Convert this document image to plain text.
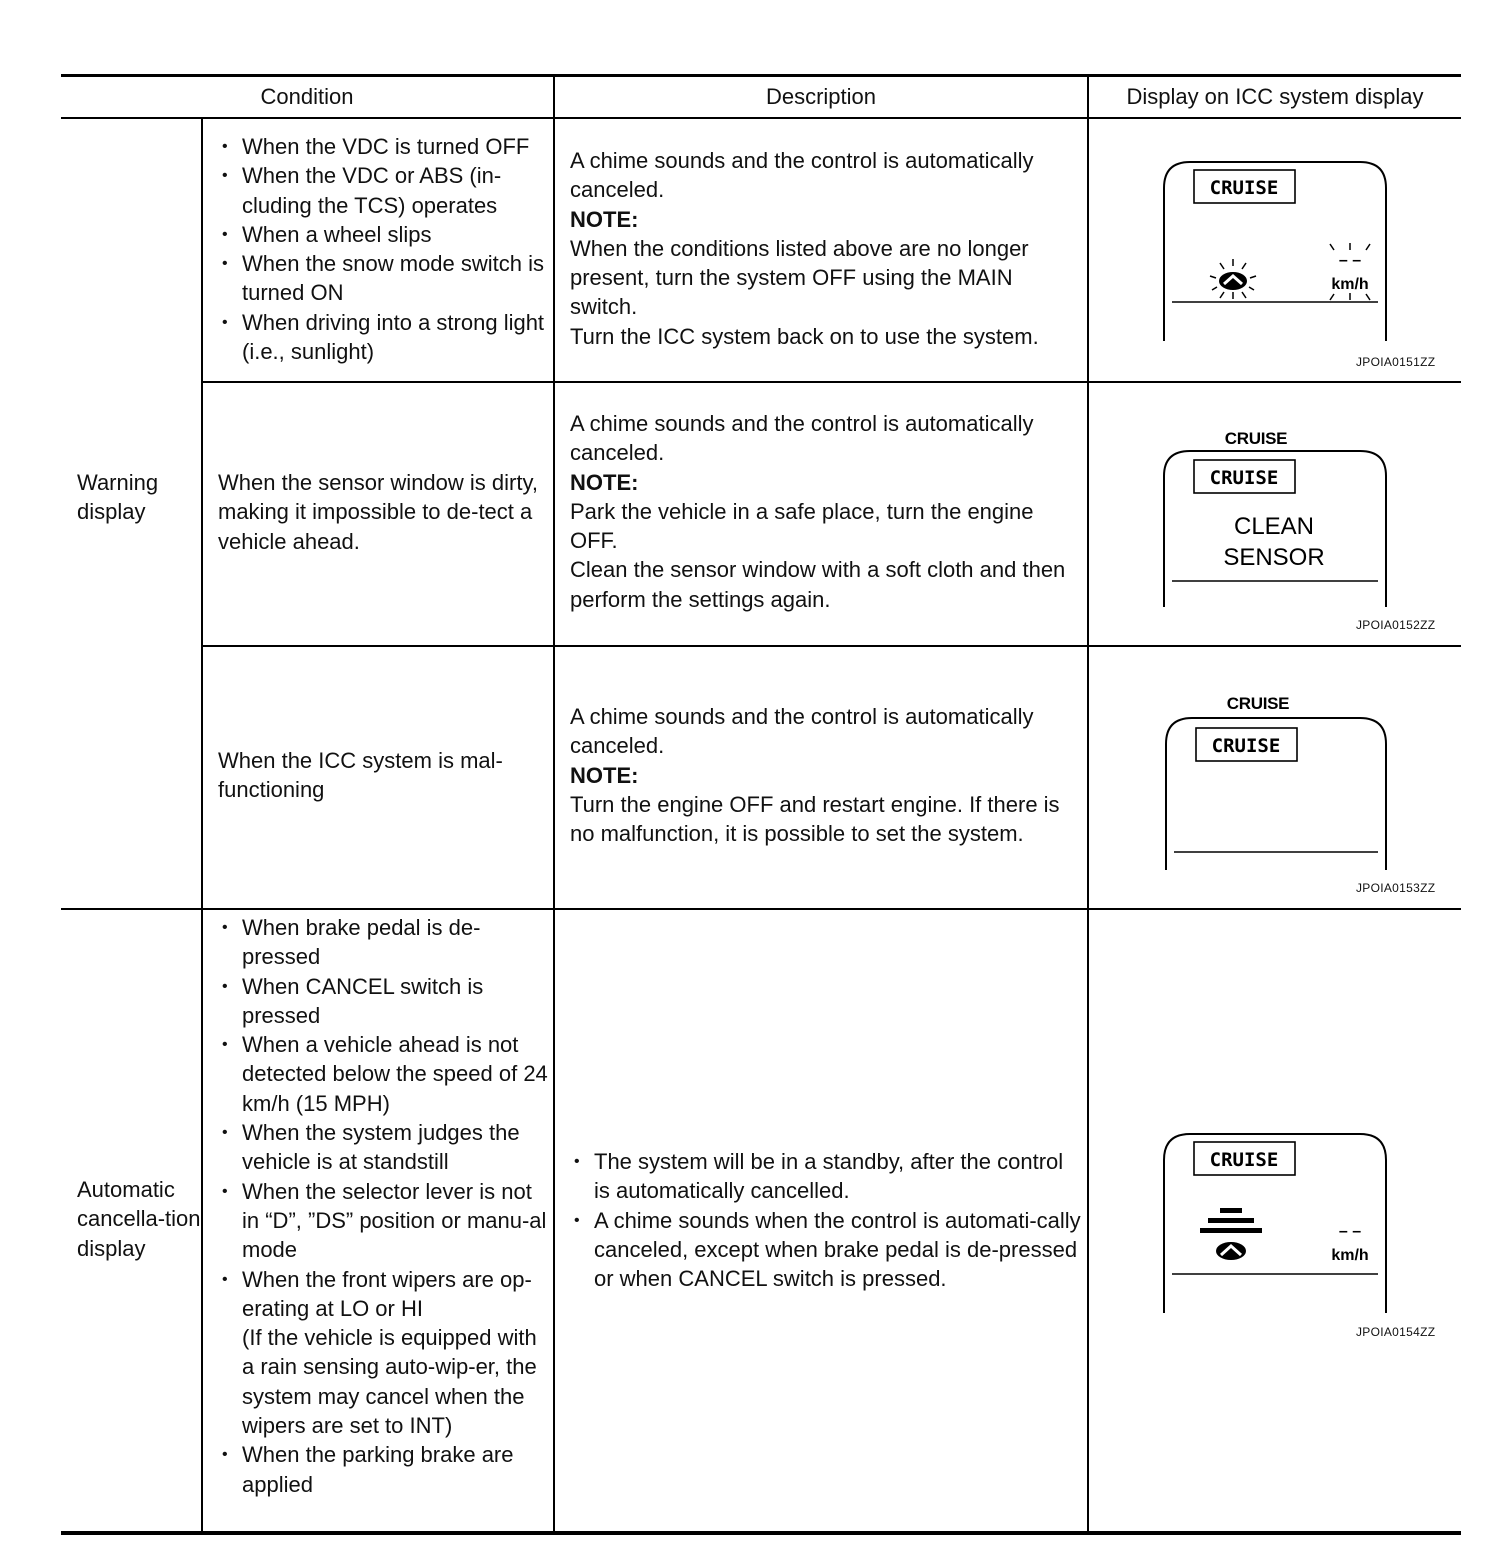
Condition	Description	Display on ICC system display
Warning display
Automatic cancella-tion display
• When the VDC is turned OFF
• When the VDC or ABS (in-cluding the TCS) operates
• When a wheel slips
• When the snow mode switch is turned ON
• When driving into a strong light (i.e., sunlight)

A chime sounds and the control is automatically canceled.

NOTE:

When the conditions listed above are no longer present, turn the system OFF using the MAIN switch.

Turn the ICC system back on to use the system.

CRUISE
– –
km/h
JPOIA0151ZZ
When the sensor window is dirty, making it impossible to de-tect a vehicle ahead.

A chime sounds and the control is automatically canceled.

NOTE:

Park the vehicle in a safe place, turn the engine OFF.

Clean the sensor window with a soft cloth and then perform the settings again.

CRUISE
CRUISE
CLEAN
SENSOR
JPOIA0152ZZ
When the ICC system is mal-functioning

A chime sounds and the control is automatically canceled.

NOTE:

Turn the engine OFF and restart engine. If there is no malfunction, it is possible to set the system.

CRUISE
CRUISE
JPOIA0153ZZ
• When brake pedal is de-pressed
• When CANCEL switch is pressed
• When a vehicle ahead is not detected below the speed of 24 km/h (15 MPH)
• When the system judges the vehicle is at standstill
• When the selector lever is not in “D”, ”DS” position or manu-al mode
• When the front wipers are op-erating at LO or HI
(If the vehicle is equipped with a rain sensing auto-wip-er, the system may cancel when the wipers are set to INT)
• When the parking brake are applied
• The system will be in a standby, after the control is automatically cancelled.
• A chime sounds when the control is automati-cally canceled, except when brake pedal is de-pressed or when CANCEL switch is pressed.
CRUISE
– –
km/h
JPOIA0154ZZ
